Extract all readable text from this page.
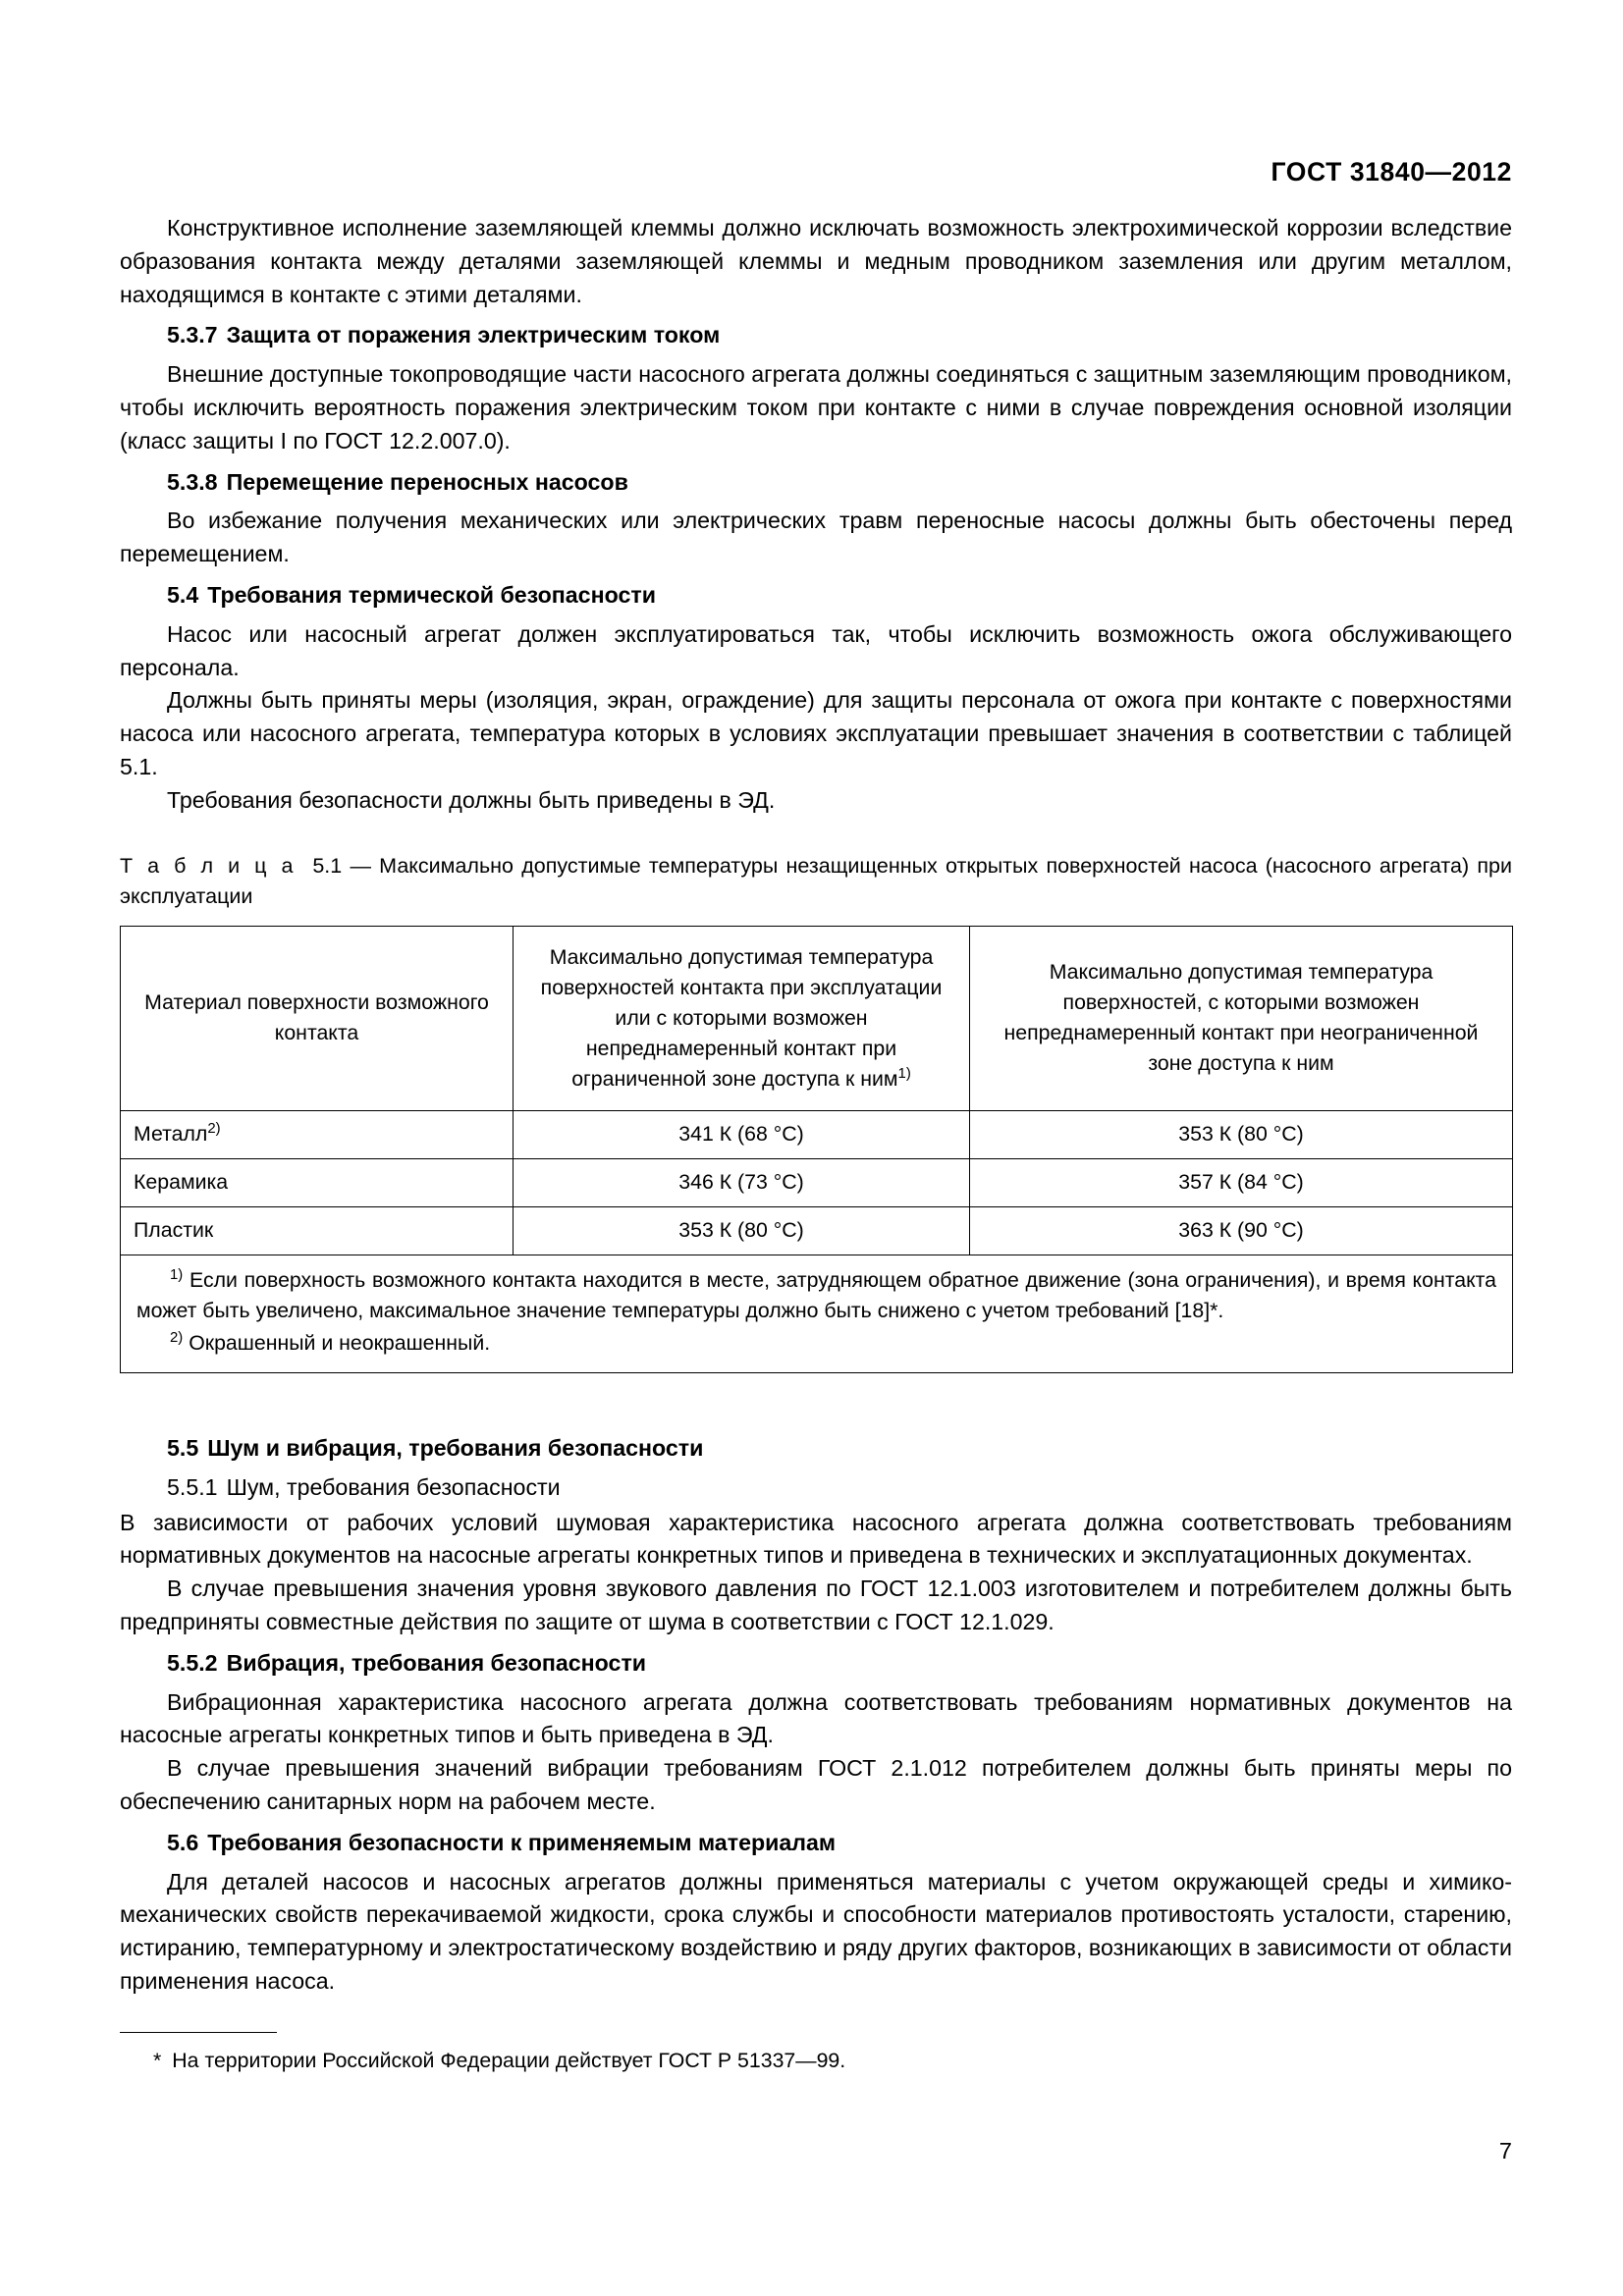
ГОСТ 31840—2012

Конструктивное исполнение заземляющей клеммы должно исключать возможность электрохимической коррозии вследствие образования контакта между деталями заземляющей клеммы и медным проводником заземления или другим металлом, находящимся в контакте с этими деталями.

5.3.7 Защита от поражения электрическим током

Внешние доступные токопроводящие части насосного агрегата должны соединяться с защитным заземляющим проводником, чтобы исключить вероятность поражения электрическим током при контакте с ними в случае повреждения основной изоляции (класс защиты I по ГОСТ 12.2.007.0).

5.3.8 Перемещение переносных насосов

Во избежание получения механических или электрических травм переносные насосы должны быть обесточены перед перемещением.

5.4 Требования термической безопасности

Насос или насосный агрегат должен эксплуатироваться так, чтобы исключить возможность ожога обслуживающего персонала.

Должны быть приняты меры (изоляция, экран, ограждение) для защиты персонала от ожога при контакте с поверхностями насоса или насосного агрегата, температура которых в условиях эксплуатации превышает значения в соответствии с таблицей 5.1.

Требования безопасности должны быть приведены в ЭД.

Т а б л и ц а 5.1 — Максимально допустимые температуры незащищенных открытых поверхностей насоса (насосного агрегата) при эксплуатации

Материал поверхности возможного контакта	Максимально допустимая температура поверхностей контакта при эксплуатации или с которыми возможен непреднамеренный контакт при ограниченной зоне доступа к ним$^{1)}$	Максимально допустимая температура поверхностей, с которыми возможен непреднамеренный контакт при неограниченной зоне доступа к ним
Металл$^{2)}$	341 К (68 °С)	353 К (80 °С)
Керамика	346 К (73 °С)	357 К (84 °С)
Пластик	353 К (80 °С)	363 К (90 °С)

$^{1)}$ Если поверхность возможного контакта находится в месте, затрудняющем обратное движение (зона ограничения), и время контакта может быть увеличено, максимальное значение температуры должно быть снижено с учетом требований [18]*.

$^{2)}$ Окрашенный и неокрашенный.		

5.5 Шум и вибрация, требования безопасности
5.5.1 Шум, требования безопасности

В зависимости от рабочих условий шумовая характеристика насосного агрегата должна соответствовать требованиям нормативных документов на насосные агрегаты конкретных типов и приведена в технических и эксплуатационных документах.

В случае превышения значения уровня звукового давления по ГОСТ 12.1.003 изготовителем и потребителем должны быть предприняты совместные действия по защите от шума в соответствии с ГОСТ 12.1.029.

5.5.2 Вибрация, требования безопасности

Вибрационная характеристика насосного агрегата должна соответствовать требованиям нормативных документов на насосные агрегаты конкретных типов и быть приведена в ЭД.

В случае превышения значений вибрации требованиям ГОСТ 2.1.012 потребителем должны быть приняты меры по обеспечению санитарных норм на рабочем месте.

5.6 Требования безопасности к применяемым материалам

Для деталей насосов и насосных агрегатов должны применяться материалы с учетом окружающей среды и химико-механических свойств перекачиваемой жидкости, срока службы и способности материалов противостоять усталости, старению, истиранию, температурному и электростатическому воздействию и ряду других факторов, возникающих в зависимости от области применения насоса.

* На территории Российской Федерации действует ГОСТ Р 51337—99.

7
